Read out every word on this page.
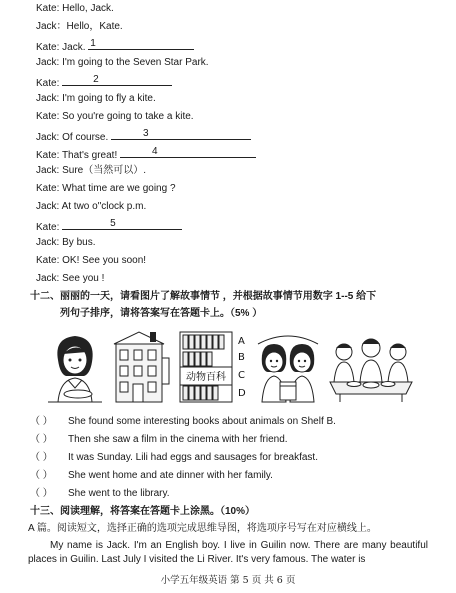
Kate: Hello, Jack.
Jack：Hello，Kate.
Kate: Jack. 1
Jack: I'm going to the Seven Star Park.
Kate:	2
Jack: I'm going to fly a kite.
Kate: So you're going to take a kite.
Jack: Of course.	3
Kate: That's great!	4
Jack: Sure（当然可以）.
Kate: What time are we going ?
Jack: At two o"clock p.m.
Kate:	5
Jack: By bus.
Kate: OK! See you soon!
Jack: See you !
十二、丽丽的一天，请看图片了解故事情节 ，并根据故事情节用数字 1--5 给下
列句子排序，请将答案写在答题卡上。（5% ）
动物百科
A
B
C
D
（ ） She found some interesting books about animals on Shelf B.
（ ） Then she saw a film in the cinema with her friend.
（ ） It was Sunday. Lili had eggs and sausages for breakfast.
（ ） She went home and ate dinner with her family.
（ ） She went to the library.
十三、阅读理解，将答案在答题卡上涂黑。（10%）
A 篇。阅读短文，选择正确的选项完成思维导图，将选项序号写在对应横线上。
My name is Jack. I'm an English boy. I live in Guilin now. There are many beautiful places in Guilin. Last July I visited the Li River. It's very famous. The water is
小学五年级英语 第 5 页 共 6 页
